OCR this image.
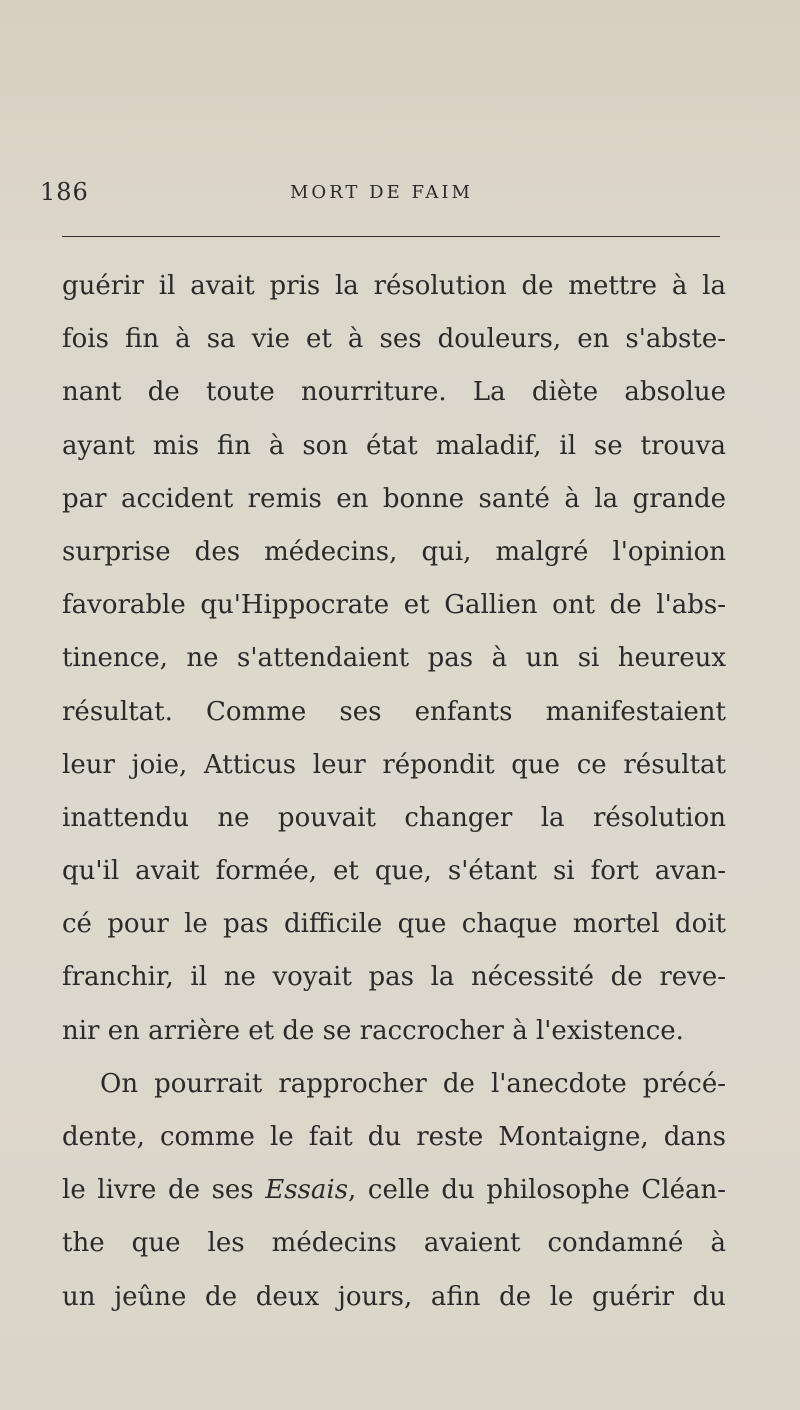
186	MORT DE FAIM
guérir il avait pris la résolution de mettre à la
fois fin à sa vie et à ses douleurs, en s'abste-
nant de toute nourriture. La diète absolue
ayant mis fin à son état maladif, il se trouva
par accident remis en bonne santé à la grande
surprise des médecins, qui, malgré l'opinion
favorable qu'Hippocrate et Gallien ont de l'abs-
tinence, ne s'attendaient pas à un si heureux
résultat. Comme ses enfants manifestaient
leur joie, Atticus leur répondit que ce résultat
inattendu ne pouvait changer la résolution
qu'il avait formée, et que, s'étant si fort avan-
cé pour le pas difficile que chaque mortel doit
franchir, il ne voyait pas la nécessité de reve-
nir en arrière et de se raccrocher à l'existence.
On pourrait rapprocher de l'anecdote précé-
dente, comme le fait du reste Montaigne, dans
le livre de ses Essais, celle du philosophe Cléan-
the que les médecins avaient condamné à
un jeûne de deux jours, afin de le guérir du
